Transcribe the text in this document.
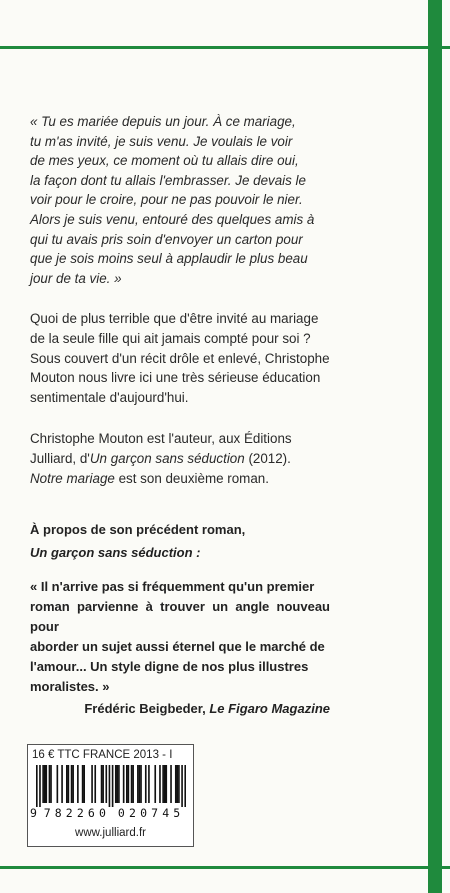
« Tu es mariée depuis un jour. À ce mariage,
tu m'as invité, je suis venu. Je voulais le voir
de mes yeux, ce moment où tu allais dire oui,
la façon dont tu allais l'embrasser. Je devais le
voir pour le croire, pour ne pas pouvoir le nier.
Alors je suis venu, entouré des quelques amis à
qui tu avais pris soin d'envoyer un carton pour
que je sois moins seul à applaudir le plus beau
jour de ta vie. »

Quoi de plus terrible que d'être invité au mariage
de la seule fille qui ait jamais compté pour soi ?
Sous couvert d'un récit drôle et enlevé, Christophe
Mouton nous livre ici une très sérieuse éducation
sentimentale d'aujourd'hui.

Christophe Mouton est l'auteur, aux Éditions
Julliard, d'Un garçon sans séduction (2012).
Notre mariage est son deuxième roman.

À propos de son précédent roman,
Un garçon sans séduction :

« Il n'arrive pas si fréquemment qu'un premier
roman parvienne à trouver un angle nouveau pour
aborder un sujet aussi éternel que le marché de
l'amour... Un style digne de nos plus illustres
moralistes. »

Frédéric Beigbeder, Le Figaro Magazine
16 € TTC FRANCE 2013 - I
9 7 8 2 2 6 0 0 2 0 7 4 5
www.julliard.fr
